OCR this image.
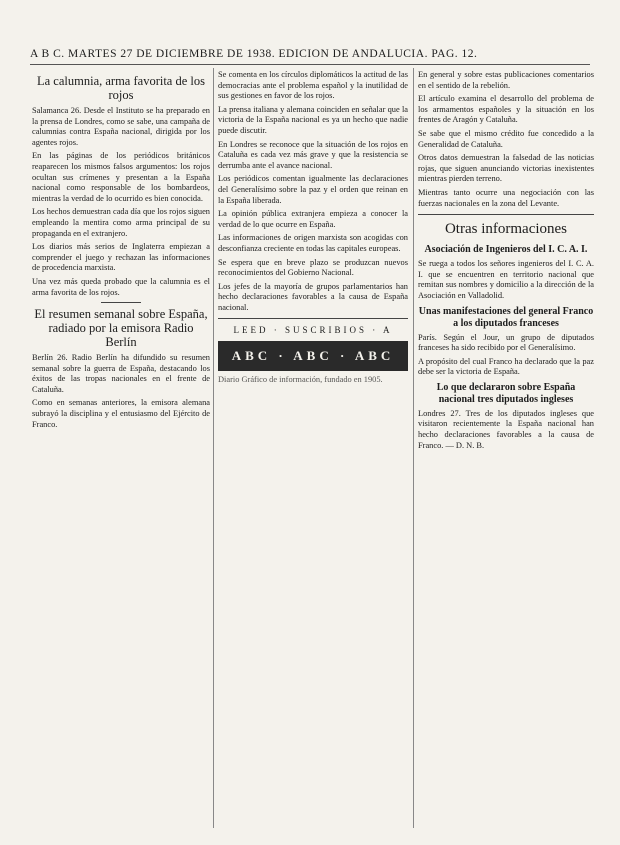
A B C. MARTES 27 DE DICIEMBRE DE 1938. EDICION DE ANDALUCIA. PAG. 12.
La calumnia, arma favorita de los rojos

Salamanca 26. Desde el Instituto se ha preparado en la prensa de Londres, como se sabe, una campaña de calumnias contra España nacional, dirigida por los agentes rojos.

En las páginas de los periódicos británicos reaparecen los mismos falsos argumentos: los rojos ocultan sus crímenes y presentan a la España nacional como responsable de los bombardeos, mientras la verdad de lo ocurrido es bien conocida.

Los hechos demuestran cada día que los rojos siguen empleando la mentira como arma principal de su propaganda en el extranjero.

Los diarios más serios de Inglaterra empiezan a comprender el juego y rechazan las informaciones de procedencia marxista.

Una vez más queda probado que la calumnia es el arma favorita de los rojos.

El resumen semanal sobre España, radiado por la emisora Radio Berlín

Berlín 26. Radio Berlín ha difundido su resumen semanal sobre la guerra de España, destacando los éxitos de las tropas nacionales en el frente de Cataluña.

Como en semanas anteriores, la emisora alemana subrayó la disciplina y el entusiasmo del Ejército de Franco.

Se comenta en los círculos diplomáticos la actitud de las democracias ante el problema español y la inutilidad de sus gestiones en favor de los rojos.

La prensa italiana y alemana coinciden en señalar que la victoria de la España nacional es ya un hecho que nadie puede discutir.

En Londres se reconoce que la situación de los rojos en Cataluña es cada vez más grave y que la resistencia se derrumba ante el avance nacional.

Los periódicos comentan igualmente las declaraciones del Generalísimo sobre la paz y el orden que reinan en la España liberada.

La opinión pública extranjera empieza a conocer la verdad de lo que ocurre en España.

Las informaciones de origen marxista son acogidas con desconfianza creciente en todas las capitales europeas.

Se espera que en breve plazo se produzcan nuevos reconocimientos del Gobierno Nacional.

Los jefes de la mayoría de grupos parlamentarios han hecho declaraciones favorables a la causa de España nacional.

LEED · SUSCRIBIOS · A
ABC · ABC · ABC

Diario Gráfico de información, fundado en 1905.

En general y sobre estas publicaciones comentarios en el sentido de la rebelión.

El artículo examina el desarrollo del problema de los armamentos españoles y la situación en los frentes de Aragón y Cataluña.

Se sabe que el mismo crédito fue concedido a la Generalidad de Cataluña.

Otros datos demuestran la falsedad de las noticias rojas, que siguen anunciando victorias inexistentes mientras pierden terreno.

Mientras tanto ocurre una negociación con las fuerzas nacionales en la zona del Levante.

Otras informaciones
Asociación de Ingenieros del I. C. A. I.

Se ruega a todos los señores ingenieros del I. C. A. I. que se encuentren en territorio nacional que remitan sus nombres y domicilio a la dirección de la Asociación en Valladolid.

Unas manifestaciones del general Franco a los diputados franceses

París. Según el Jour, un grupo de diputados franceses ha sido recibido por el Generalísimo.

A propósito del cual Franco ha declarado que la paz debe ser la victoria de España.

Lo que declararon sobre España nacional tres diputados ingleses

Londres 27. Tres de los diputados ingleses que visitaron recientemente la España nacional han hecho declaraciones favorables a la causa de Franco. — D. N. B.
